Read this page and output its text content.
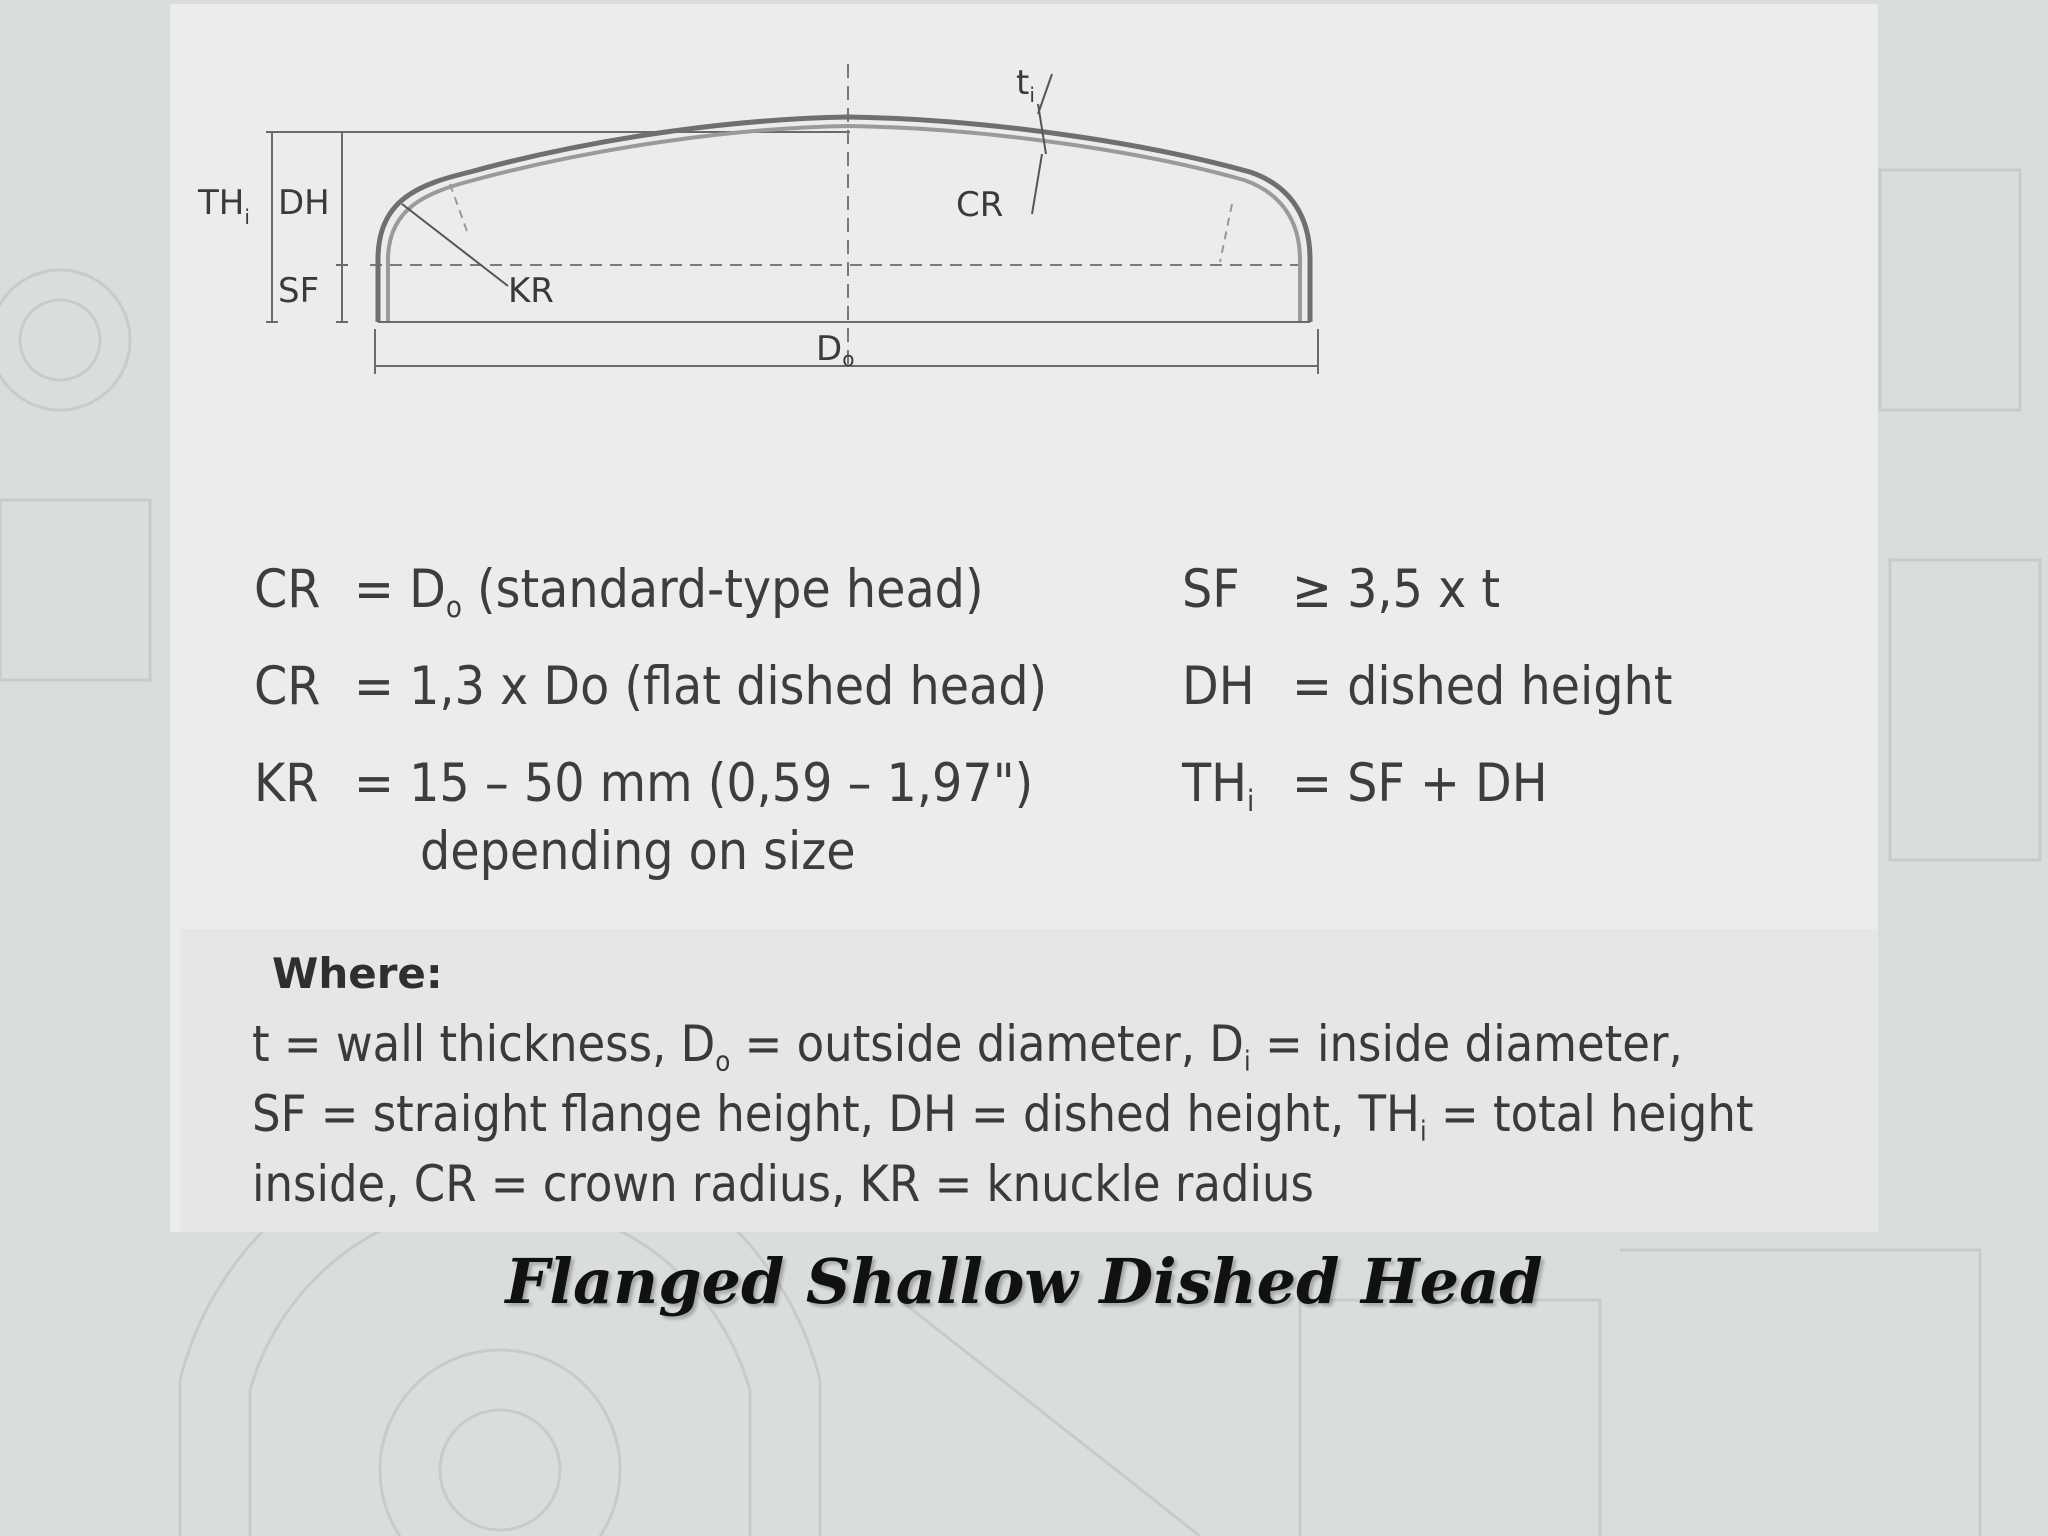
$t_i$
$TH_i$ DH
SF
CR
KR
Do
CR = $D_o$ (standard-type head)
CR = 1,3 x Do (flat dished head)
KR = 15 – 50 mm (0,59 – 1,97")
depending on size
SF ≥ 3,5 x t
DH = dished height
$TH_i$ = SF + DH
Where:
t = wall thickness, $D_o$ = outside diameter, $D_i$ = inside diameter,
SF = straight flange height, DH = dished height, $TH_i$ = total height
inside, CR = crown radius, KR = knuckle radius
Flanged Shallow Dished Head
